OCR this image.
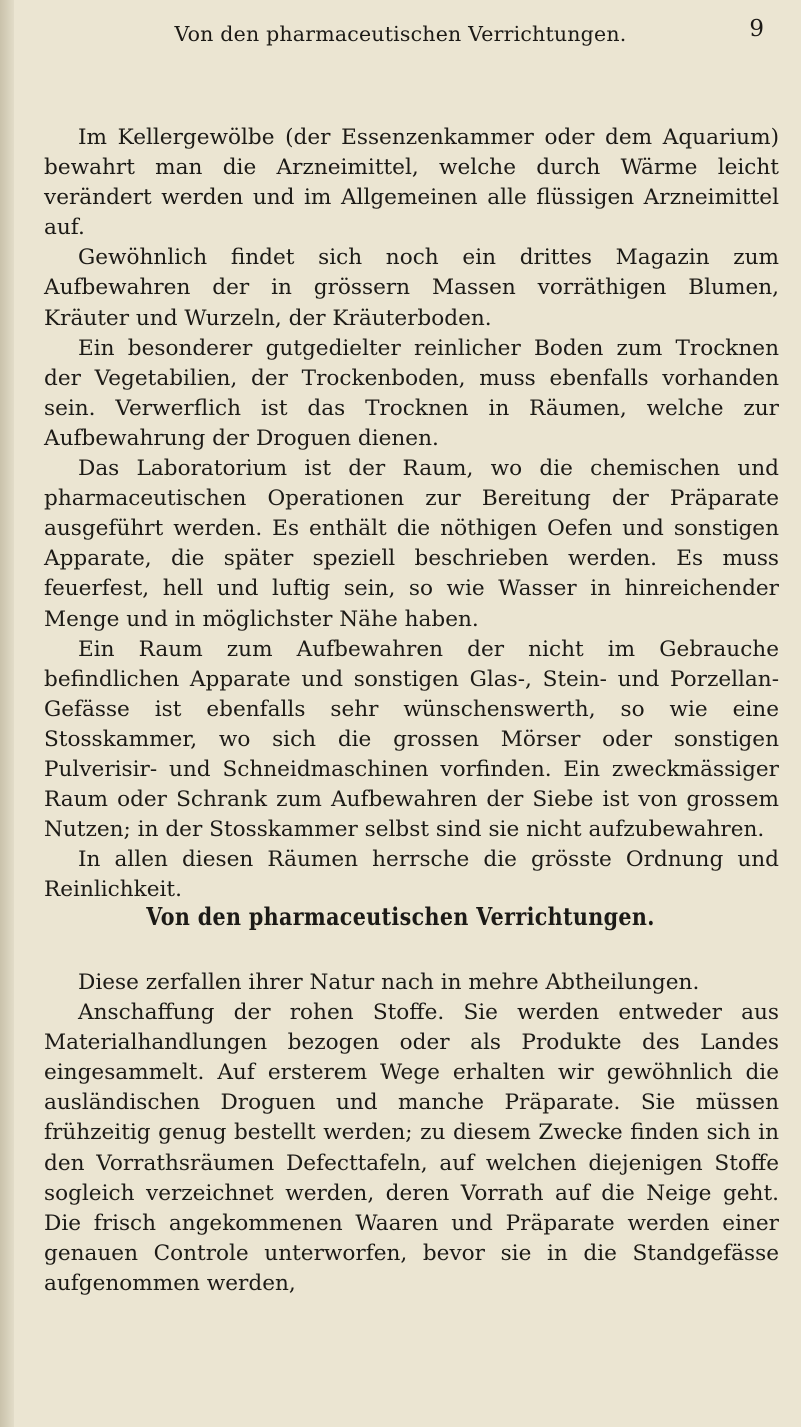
Von den pharmaceutischen Verrichtungen.	9

Im Kellergewölbe (der Essenzenkammer oder dem Aquarium) bewahrt man die Arzneimittel, welche durch Wärme leicht verändert werden und im Allgemeinen alle flüssigen Arzneimittel auf.

Gewöhnlich findet sich noch ein drittes Magazin zum Aufbewahren der in grössern Massen vorräthigen Blumen, Kräuter und Wurzeln, der Kräuterboden.

Ein besonderer gutgedielter reinlicher Boden zum Trocknen der Vegetabilien, der Trockenboden, muss ebenfalls vorhanden sein. Verwerflich ist das Trocknen in Räumen, welche zur Aufbewahrung der Droguen dienen.

Das Laboratorium ist der Raum, wo die chemischen und pharmaceutischen Operationen zur Bereitung der Präparate ausgeführt werden. Es enthält die nöthigen Oefen und sonstigen Apparate, die später speziell beschrieben werden. Es muss feuerfest, hell und luftig sein, so wie Wasser in hinreichender Menge und in möglichster Nähe haben.

Ein Raum zum Aufbewahren der nicht im Gebrauche befindlichen Apparate und sonstigen Glas-, Stein- und Porzellan-Gefässe ist ebenfalls sehr wünschenswerth, so wie eine Stosskammer, wo sich die grossen Mörser oder sonstigen Pulverisir- und Schneidmaschinen vorfinden. Ein zweckmässiger Raum oder Schrank zum Aufbewahren der Siebe ist von grossem Nutzen; in der Stosskammer selbst sind sie nicht aufzubewahren.

In allen diesen Räumen herrsche die grösste Ordnung und Reinlichkeit.

Von den pharmaceutischen Verrichtungen.

Diese zerfallen ihrer Natur nach in mehre Abtheilungen.

Anschaffung der rohen Stoffe. Sie werden entweder aus Materialhandlungen bezogen oder als Produkte des Landes eingesammelt. Auf ersterem Wege erhalten wir gewöhnlich die ausländischen Droguen und manche Präparate. Sie müssen frühzeitig genug bestellt werden; zu diesem Zwecke finden sich in den Vorrathsräumen Defecttafeln, auf welchen diejenigen Stoffe sogleich verzeichnet werden, deren Vorrath auf die Neige geht. Die frisch angekommenen Waaren und Präparate werden einer genauen Controle unterworfen, bevor sie in die Standgefässe aufgenommen werden,
